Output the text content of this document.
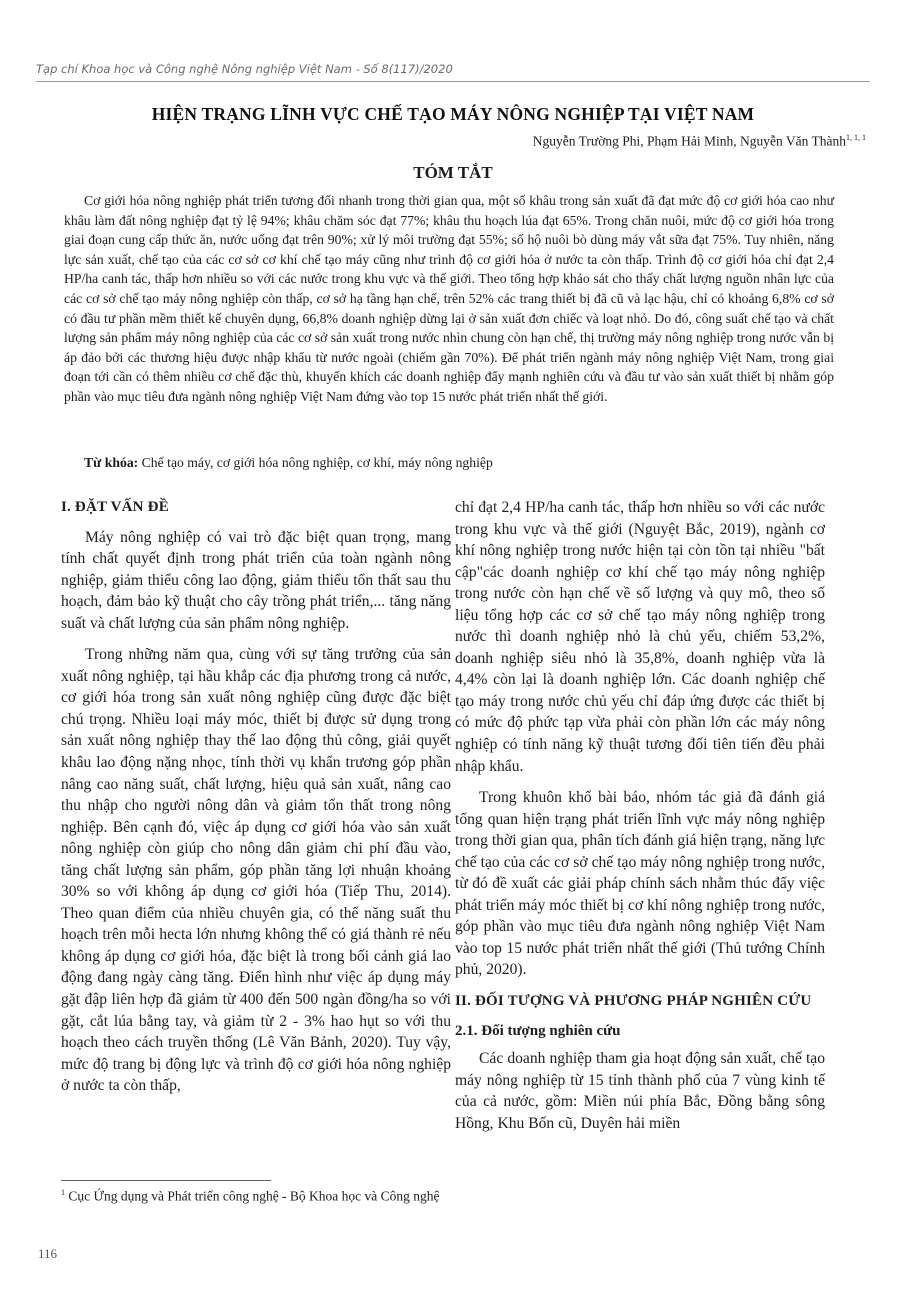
Tạp chí Khoa học và Công nghệ Nông nghiệp Việt Nam - Số 8(117)/2020
HIỆN TRẠNG LĨNH VỰC CHẾ TẠO MÁY NÔNG NGHIỆP TẠI VIỆT NAM
Nguyễn Trường Phi, Phạm Hải Minh, Nguyễn Văn Thành$^{1, 1, 1}$
TÓM TẮT

Cơ giới hóa nông nghiệp phát triển tương đối nhanh trong thời gian qua, một số khâu trong sản xuất đã đạt mức độ cơ giới hóa cao như khâu làm đất nông nghiệp đạt tỷ lệ 94%; khâu chăm sóc đạt 77%; khâu thu hoạch lúa đạt 65%. Trong chăn nuôi, mức độ cơ giới hóa trong giai đoạn cung cấp thức ăn, nước uống đạt trên 90%; xử lý môi trường đạt 55%; số hộ nuôi bò dùng máy vắt sữa đạt 75%. Tuy nhiên, năng lực sản xuất, chế tạo của các cơ sở cơ khí chế tạo máy cũng như trình độ cơ giới hóa ở nước ta còn thấp. Trình độ cơ giới hóa chỉ đạt 2,4 HP/ha canh tác, thấp hơn nhiều so với các nước trong khu vực và thế giới. Theo tổng hợp khảo sát cho thấy chất lượng nguồn nhân lực của các cơ sở chế tạo máy nông nghiệp còn thấp, cơ sở hạ tầng hạn chế, trên 52% các trang thiết bị đã cũ và lạc hậu, chỉ có khoảng 6,8% cơ sở có đầu tư phần mềm thiết kế chuyên dụng, 66,8% doanh nghiệp dừng lại ở sản xuất đơn chiếc và loạt nhỏ. Do đó, công suất chế tạo và chất lượng sản phẩm máy nông nghiệp của các cơ sở sản xuất trong nước nhìn chung còn hạn chế, thị trường máy nông nghiệp trong nước vẫn bị áp đảo bởi các thương hiệu được nhập khẩu từ nước ngoài (chiếm gần 70%). Để phát triển ngành máy nông nghiệp Việt Nam, trong giai đoạn tới cần có thêm nhiều cơ chế đặc thù, khuyến khích các doanh nghiệp đẩy mạnh nghiên cứu và đầu tư vào sản xuất thiết bị nhằm góp phần vào mục tiêu đưa ngành nông nghiệp Việt Nam đứng vào top 15 nước phát triển nhất thế giới.

Từ khóa: Chế tạo máy, cơ giới hóa nông nghiệp, cơ khí, máy nông nghiệp
I. ĐẶT VẤN ĐỀ

Máy nông nghiệp có vai trò đặc biệt quan trọng, mang tính chất quyết định trong phát triển của toàn ngành nông nghiệp, giảm thiểu công lao động, giảm thiểu tổn thất sau thu hoạch, đảm bảo kỹ thuật cho cây trồng phát triển,... tăng năng suất và chất lượng của sản phẩm nông nghiệp.

Trong những năm qua, cùng với sự tăng trưởng của sản xuất nông nghiệp, tại hầu khắp các địa phương trong cả nước, cơ giới hóa trong sản xuất nông nghiệp cũng được đặc biệt chú trọng. Nhiều loại máy móc, thiết bị được sử dụng trong sản xuất nông nghiệp thay thế lao động thủ công, giải quyết khâu lao động nặng nhọc, tính thời vụ khẩn trương góp phần nâng cao năng suất, chất lượng, hiệu quả sản xuất, nâng cao thu nhập cho người nông dân và giảm tổn thất trong nông nghiệp. Bên cạnh đó, việc áp dụng cơ giới hóa vào sản xuất nông nghiệp còn giúp cho nông dân giảm chi phí đầu vào, tăng chất lượng sản phẩm, góp phần tăng lợi nhuận khoảng 30% so với không áp dụng cơ giới hóa (Tiếp Thu, 2014). Theo quan điểm của nhiều chuyên gia, có thể năng suất thu hoạch trên mỗi hecta lớn nhưng không thể có giá thành rẻ nếu không áp dụng cơ giới hóa, đặc biệt là trong bối cảnh giá lao động đang ngày càng tăng. Điển hình như việc áp dụng máy gặt đập liên hợp đã giảm từ 400 đến 500 ngàn đồng/ha so với gặt, cắt lúa bằng tay, và giảm từ 2 - 3% hao hụt so với thu hoạch theo cách truyền thống (Lê Văn Bảnh, 2020). Tuy vậy, mức độ trang bị động lực và trình độ cơ giới hóa nông nghiệp ở nước ta còn thấp,

chỉ đạt 2,4 HP/ha canh tác, thấp hơn nhiều so với các nước trong khu vực và thế giới (Nguyệt Bắc, 2019), ngành cơ khí nông nghiệp trong nước hiện tại còn tồn tại nhiều "bất cập"các doanh nghiệp cơ khí chế tạo máy nông nghiệp trong nước còn hạn chế về số lượng và quy mô, theo số liệu tổng hợp các cơ sở chế tạo máy nông nghiệp trong nước thì doanh nghiệp nhỏ là chủ yếu, chiếm 53,2%, doanh nghiệp siêu nhỏ là 35,8%, doanh nghiệp vừa là 4,4% còn lại là doanh nghiệp lớn. Các doanh nghiệp chế tạo máy trong nước chủ yếu chỉ đáp ứng được các thiết bị có mức độ phức tạp vừa phải còn phần lớn các máy nông nghiệp có tính năng kỹ thuật tương đối tiên tiến đều phải nhập khẩu.

Trong khuôn khổ bài báo, nhóm tác giả đã đánh giá tổng quan hiện trạng phát triển lĩnh vực máy nông nghiệp trong thời gian qua, phân tích đánh giá hiện trạng, năng lực chế tạo của các cơ sở chế tạo máy nông nghiệp trong nước, từ đó đề xuất các giải pháp chính sách nhằm thúc đẩy việc phát triển máy móc thiết bị cơ khí nông nghiệp trong nước, góp phần vào mục tiêu đưa ngành nông nghiệp Việt Nam vào top 15 nước phát triển nhất thế giới (Thủ tướng Chính phủ, 2020).

II. ĐỐI TƯỢNG VÀ PHƯƠNG PHÁP NGHIÊN CỨU
2.1. Đối tượng nghiên cứu

Các doanh nghiệp tham gia hoạt động sản xuất, chế tạo máy nông nghiệp từ 15 tỉnh thành phố của 7 vùng kinh tế của cả nước, gồm: Miền núi phía Bắc, Đồng bằng sông Hồng, Khu Bốn cũ, Duyên hải miền

$^1$ Cục Ứng dụng và Phát triển công nghệ - Bộ Khoa học và Công nghệ
116
